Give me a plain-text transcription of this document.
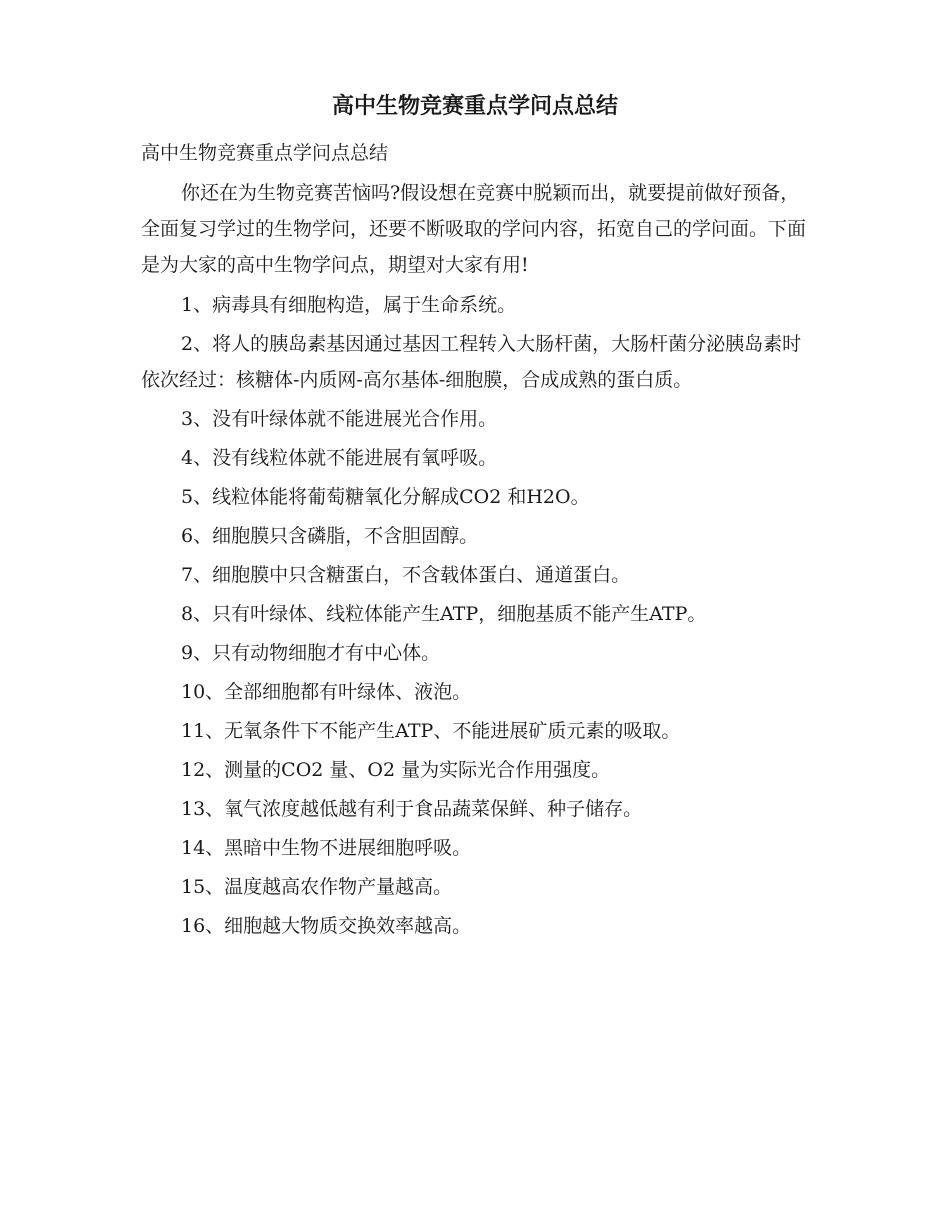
高中生物竞赛重点学问点总结

高中生物竞赛重点学问点总结

你还在为生物竞赛苦恼吗?假设想在竞赛中脱颖而出，就要提前做好预备，全面复习学过的生物学问，还要不断吸取的学问内容，拓宽自己的学问面。下面是为大家的高中生物学问点，期望对大家有用!

1、病毒具有细胞构造，属于生命系统。
2、将人的胰岛素基因通过基因工程转入大肠杆菌，大肠杆菌分泌胰岛素时依次经过：核糖体-内质网-高尔基体-细胞膜，合成成熟的蛋白质。
3、没有叶绿体就不能进展光合作用。
4、没有线粒体就不能进展有氧呼吸。
5、线粒体能将葡萄糖氧化分解成CO2 和H2O。
6、细胞膜只含磷脂，不含胆固醇。
7、细胞膜中只含糖蛋白，不含载体蛋白、通道蛋白。
8、只有叶绿体、线粒体能产生ATP，细胞基质不能产生ATP。
9、只有动物细胞才有中心体。
10、全部细胞都有叶绿体、液泡。
11、无氧条件下不能产生ATP、不能进展矿质元素的吸取。
12、测量的CO2 量、O2 量为实际光合作用强度。
13、氧气浓度越低越有利于食品蔬菜保鲜、种子储存。
14、黑暗中生物不进展细胞呼吸。
15、温度越高农作物产量越高。
16、细胞越大物质交换效率越高。
